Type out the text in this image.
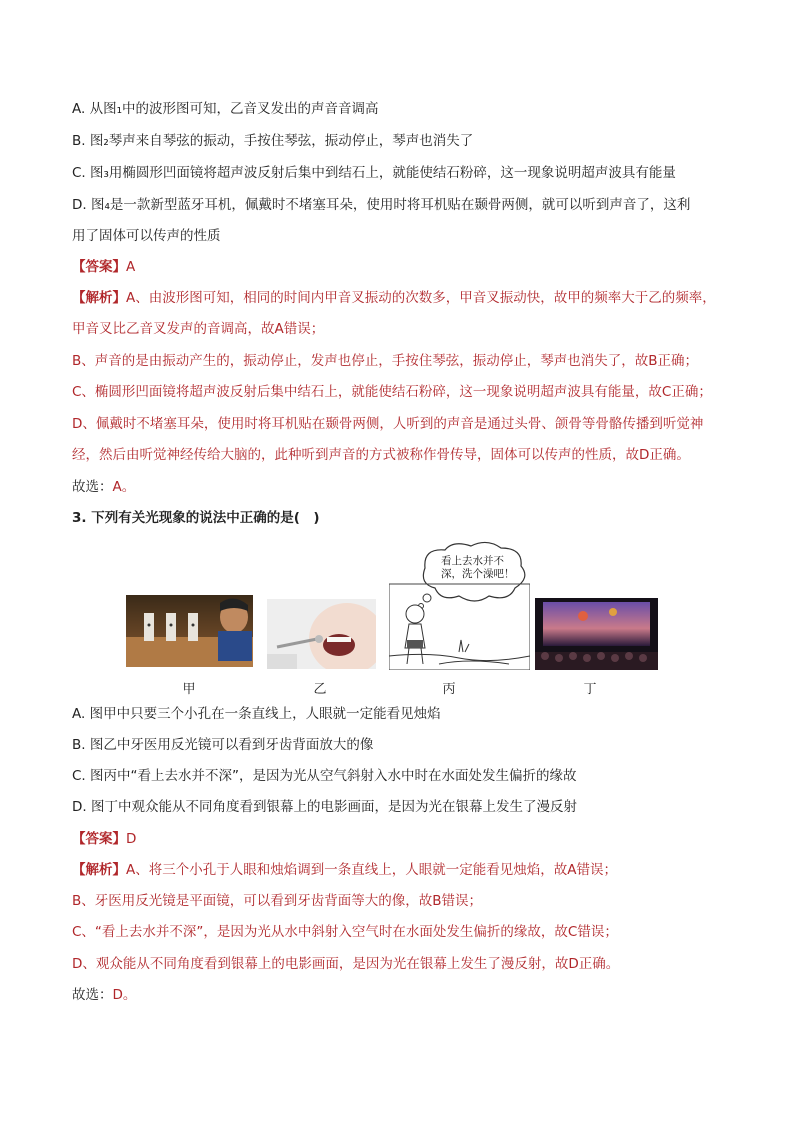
A. 从图₁中的波形图可知，乙音叉发出的声音音调高
B. 图₂琴声来自琴弦的振动，手按住琴弦，振动停止，琴声也消失了
C. 图₃用椭圆形凹面镜将超声波反射后集中到结石上，就能使结石粉碎，这一现象说明超声波具有能量
D. 图₄是一款新型蓝牙耳机，佩戴时不堵塞耳朵，使用时将耳机贴在颞骨两侧，就可以听到声音了，这利
用了固体可以传声的性质
【答案】A
【解析】A、由波形图可知，相同的时间内甲音叉振动的次数多，甲音叉振动快，故甲的频率大于乙的频率，
甲音叉比乙音叉发声的音调高，故A错误；
B、声音的是由振动产生的，振动停止，发声也停止，手按住琴弦，振动停止，琴声也消失了，故B正确；
C、椭圆形凹面镜将超声波反射后集中结石上，就能使结石粉碎，这一现象说明超声波具有能量，故C正确；
D、佩戴时不堵塞耳朵，使用时将耳机贴在颞骨两侧，人听到的声音是通过头骨、颌骨等骨骼传播到听觉神
经，然后由听觉神经传给大脑的，此种听到声音的方式被称作骨传导，固体可以传声的性质，故D正确。
故选：A。
3. 下列有关光现象的说法中正确的是(　)
看上去水并不
深，洗个澡吧！
甲	乙	丙	丁
A. 图甲中只要三个小孔在一条直线上，人眼就一定能看见烛焰
B. 图乙中牙医用反光镜可以看到牙齿背面放大的像
C. 图丙中“看上去水并不深”，是因为光从空气斜射入水中时在水面处发生偏折的缘故
D. 图丁中观众能从不同角度看到银幕上的电影画面，是因为光在银幕上发生了漫反射
【答案】D
【解析】A、将三个小孔于人眼和烛焰调到一条直线上，人眼就一定能看见烛焰，故A错误；
B、牙医用反光镜是平面镜，可以看到牙齿背面等大的像，故B错误；
C、“看上去水并不深”，是因为光从水中斜射入空气时在水面处发生偏折的缘故，故C错误；
D、观众能从不同角度看到银幕上的电影画面，是因为光在银幕上发生了漫反射，故D正确。
故选：D。
